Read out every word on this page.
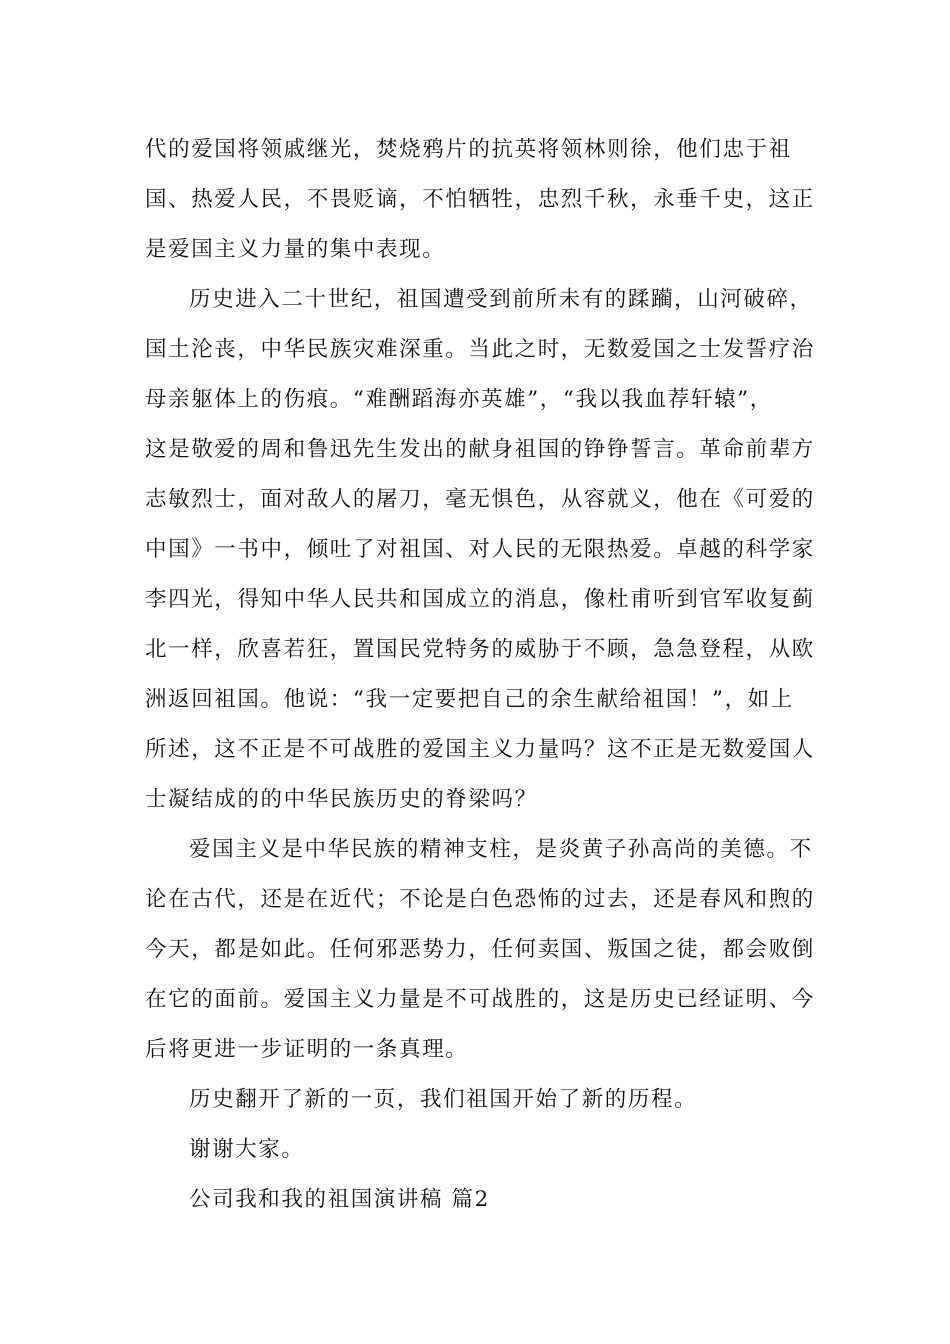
代的爱国将领戚继光，焚烧鸦片的抗英将领林则徐，他们忠于祖
国、热爱人民，不畏贬谪，不怕牺牲，忠烈千秋，永垂千史，这正
是爱国主义力量的集中表现。
历史进入二十世纪，祖国遭受到前所未有的蹂躏，山河破碎，
国土沦丧，中华民族灾难深重。当此之时，无数爱国之士发誓疗治
母亲躯体上的伤痕。“难酬蹈海亦英雄”，“我以我血荐轩辕”，
这是敬爱的周和鲁迅先生发出的献身祖国的铮铮誓言。革命前辈方
志敏烈士，面对敌人的屠刀，毫无惧色，从容就义，他在《可爱的
中国》一书中，倾吐了对祖国、对人民的无限热爱。卓越的科学家
李四光，得知中华人民共和国成立的消息，像杜甫听到官军收复蓟
北一样，欣喜若狂，置国民党特务的威胁于不顾，急急登程，从欧
洲返回祖国。他说：“我一定要把自己的余生献给祖国！”，如上
所述，这不正是不可战胜的爱国主义力量吗？这不正是无数爱国人
士凝结成的的中华民族历史的脊梁吗？
爱国主义是中华民族的精神支柱，是炎黄子孙高尚的美德。不
论在古代，还是在近代；不论是白色恐怖的过去，还是春风和煦的
今天，都是如此。任何邪恶势力，任何卖国、叛国之徒，都会败倒
在它的面前。爱国主义力量是不可战胜的，这是历史已经证明、今
后将更进一步证明的一条真理。
历史翻开了新的一页，我们祖国开始了新的历程。
谢谢大家。
公司我和我的祖国演讲稿 篇2
